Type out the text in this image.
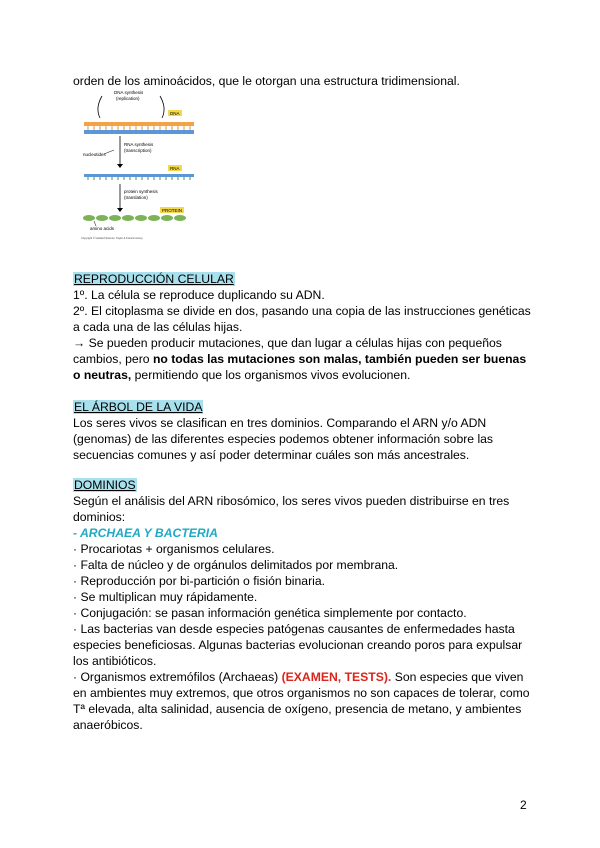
orden de los aminoácidos, que le otorgan una estructura tridimensional.
DNA synthesis
(replication)
DNA
nucleotides
RNA synthesis
(transcription)
RNA
protein synthesis
(translation)
PROTEIN
amino acids
Copyright © Garland Science, Taylor & Francis Group
REPRODUCCIÓN CELULAR
1º. La célula se reproduce duplicando su ADN.
2º. El citoplasma se divide en dos, pasando una copia de las instrucciones genéticas
a cada una de las células hijas.
→ Se pueden producir mutaciones, que dan lugar a células hijas con pequeños
cambios, pero no todas las mutaciones son malas, también pueden ser buenas
o neutras, permitiendo que los organismos vivos evolucionen.
EL ÁRBOL DE LA VIDA
Los seres vivos se clasifican en tres dominios. Comparando el ARN y/o ADN
(genomas) de las diferentes especies podemos obtener información sobre las
secuencias comunes y así poder determinar cuáles son más ancestrales.
DOMINIOS
Según el análisis del ARN ribosómico, los seres vivos pueden distribuirse en tres
dominios:
- ARCHAEA Y BACTERIA
· Procariotas + organismos celulares.
· Falta de núcleo y de orgánulos delimitados por membrana.
· Reproducción por bi-partición o fisión binaria.
· Se multiplican muy rápidamente.
· Conjugación: se pasan información genética simplemente por contacto.
· Las bacterias van desde especies patógenas causantes de enfermedades hasta
especies beneficiosas. Algunas bacterias evolucionan creando poros para expulsar
los antibióticos.
· Organismos extremófilos (Archaeas) (EXAMEN, TESTS). Son especies que viven
en ambientes muy extremos, que otros organismos no son capaces de tolerar, como
Tª elevada, alta salinidad, ausencia de oxígeno, presencia de metano, y ambientes
anaeróbicos.
2
